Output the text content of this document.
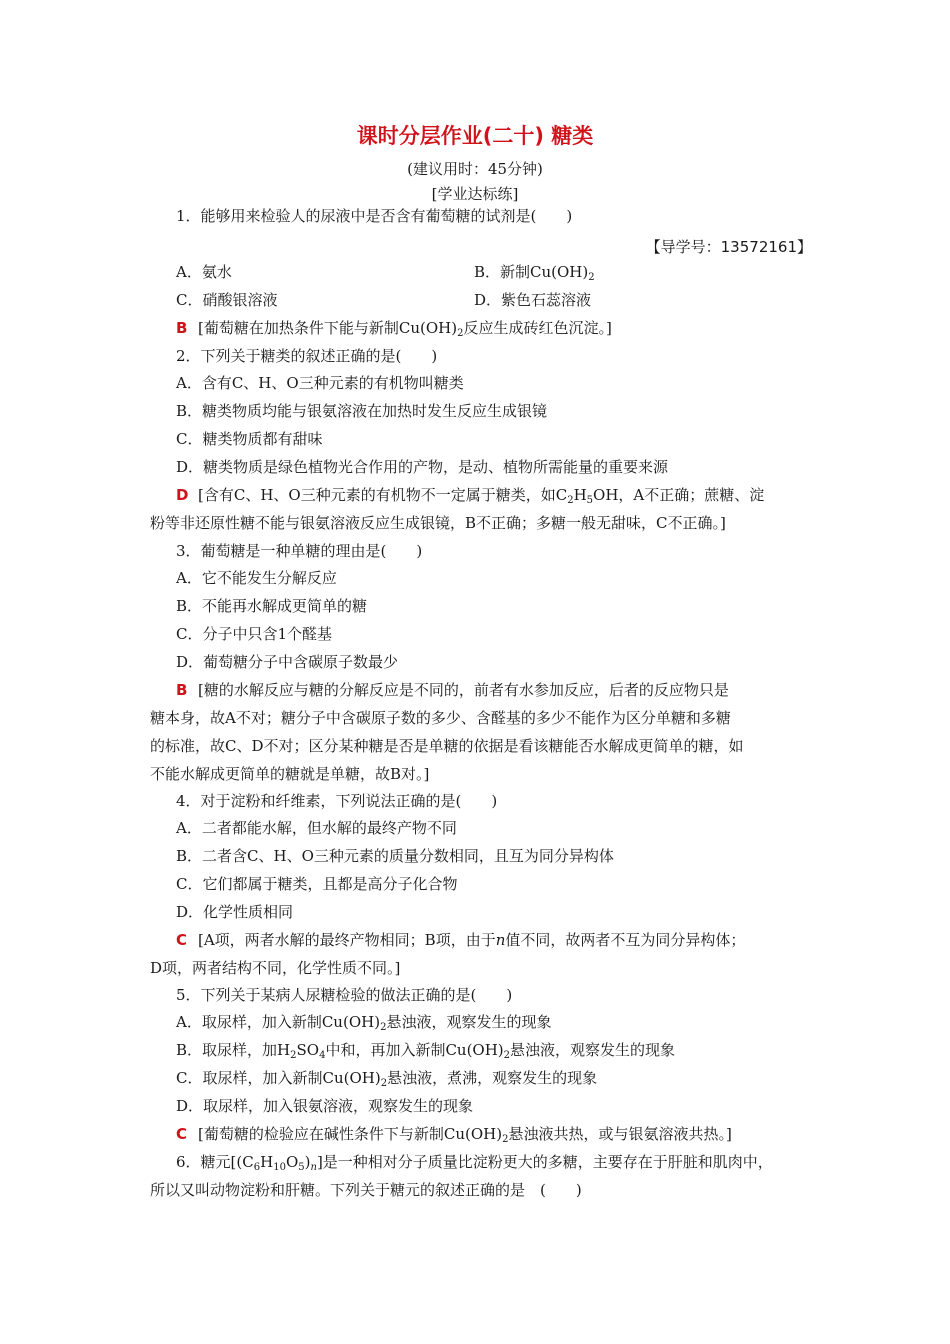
课时分层作业(二十) 糖类
(建议用时：45分钟)
[学业达标练]
1．能够用来检验人的尿液中是否含有葡萄糖的试剂是(　　)
【导学号：13572161】
A．氨水	B．新制$Cu(OH)_2$
C．硝酸银溶液	D．紫色石蕊溶液
B [葡萄糖在加热条件下能与新制$Cu(OH)_2$反应生成砖红色沉淀。]
2．下列关于糖类的叙述正确的是(　　)
A．含有C、H、O三种元素的有机物叫糖类
B．糖类物质均能与银氨溶液在加热时发生反应生成银镜
C．糖类物质都有甜味
D．糖类物质是绿色植物光合作用的产物，是动、植物所需能量的重要来源
D [含有C、H、O三种元素的有机物不一定属于糖类，如$C_2H_5OH$，A不正确；蔗糖、淀
粉等非还原性糖不能与银氨溶液反应生成银镜，B不正确；多糖一般无甜味，C不正确。]
3．葡萄糖是一种单糖的理由是(　　)
A．它不能发生分解反应
B．不能再水解成更简单的糖
C．分子中只含1个醛基
D．葡萄糖分子中含碳原子数最少
B [糖的水解反应与糖的分解反应是不同的，前者有水参加反应，后者的反应物只是
糖本身，故A不对；糖分子中含碳原子数的多少、含醛基的多少不能作为区分单糖和多糖
的标准，故C、D不对；区分某种糖是否是单糖的依据是看该糖能否水解成更简单的糖，如
不能水解成更简单的糖就是单糖，故B对。]
4．对于淀粉和纤维素，下列说法正确的是(　　)
A．二者都能水解，但水解的最终产物不同
B．二者含C、H、O三种元素的质量分数相同，且互为同分异构体
C．它们都属于糖类，且都是高分子化合物
D．化学性质相同
C [A项，两者水解的最终产物相同；B项，由于n值不同，故两者不互为同分异构体；
D项，两者结构不同，化学性质不同。]
5．下列关于某病人尿糖检验的做法正确的是(　　)
A．取尿样，加入新制$Cu(OH)_2$悬浊液，观察发生的现象
B．取尿样，加$H_2SO_4$中和，再加入新制$Cu(OH)_2$悬浊液，观察发生的现象
C．取尿样，加入新制$Cu(OH)_2$悬浊液，煮沸，观察发生的现象
D．取尿样，加入银氨溶液，观察发生的现象
C [葡萄糖的检验应在碱性条件下与新制$Cu(OH)_2$悬浊液共热，或与银氨溶液共热。]
6．糖元$[(C_6H_{10}O_5)_n]$是一种相对分子质量比淀粉更大的多糖，主要存在于肝脏和肌肉中，
所以又叫动物淀粉和肝糖。下列关于糖元的叙述正确的是　(　　)
